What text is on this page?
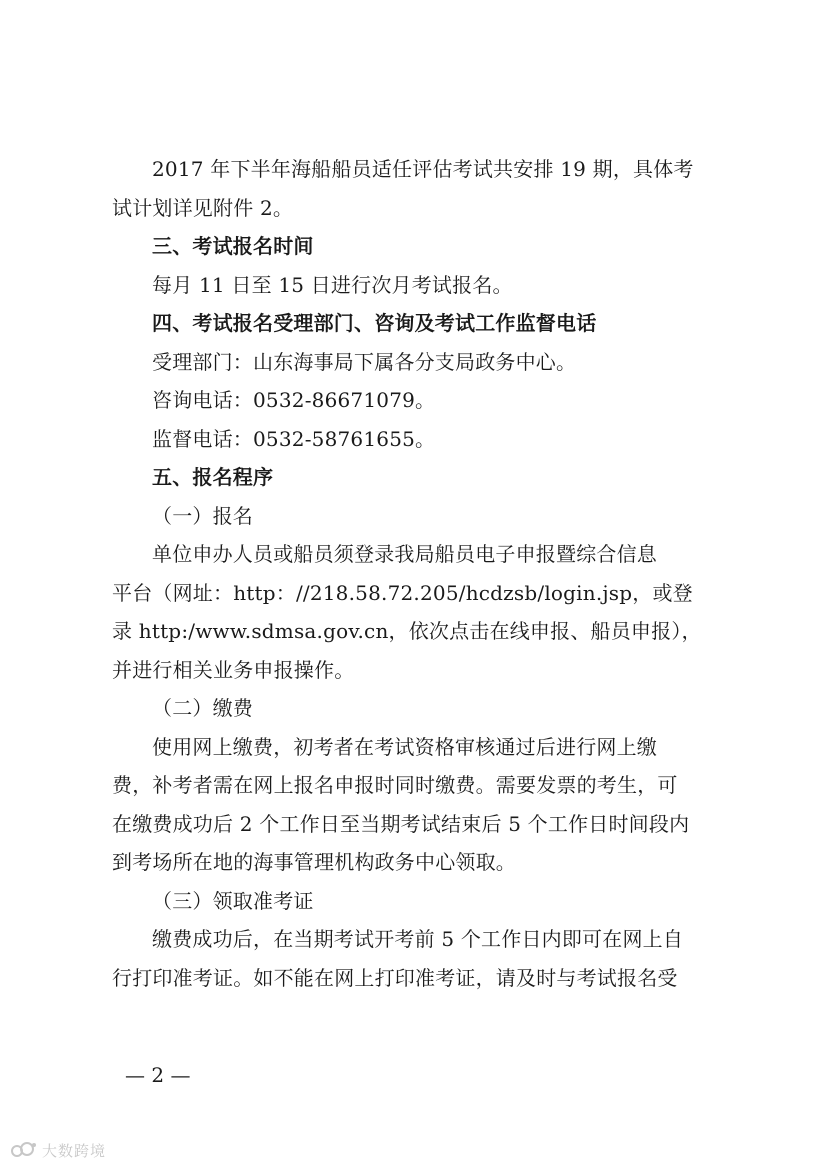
2017 年下半年海船船员适任评估考试共安排 19 期，具体考

试计划详见附件 2。

三、考试报名时间

每月 11 日至 15 日进行次月考试报名。

四、考试报名受理部门、咨询及考试工作监督电话

受理部门：山东海事局下属各分支局政务中心。

咨询电话：0532-86671079。

监督电话：0532-58761655。

五、报名程序

（一）报名

单位申办人员或船员须登录我局船员电子申报暨综合信息

平台（网址：http：//218.58.72.205/hcdzsb/login.jsp，或登

录 http:/www.sdmsa.gov.cn，依次点击在线申报、船员申报），

并进行相关业务申报操作。

（二）缴费

使用网上缴费，初考者在考试资格审核通过后进行网上缴

费，补考者需在网上报名申报时同时缴费。需要发票的考生，可

在缴费成功后 2 个工作日至当期考试结束后 5 个工作日时间段内

到考场所在地的海事管理机构政务中心领取。

（三）领取准考证

缴费成功后，在当期考试开考前 5 个工作日内即可在网上自

行打印准考证。如不能在网上打印准考证，请及时与考试报名受

— 2 —
大数跨境
